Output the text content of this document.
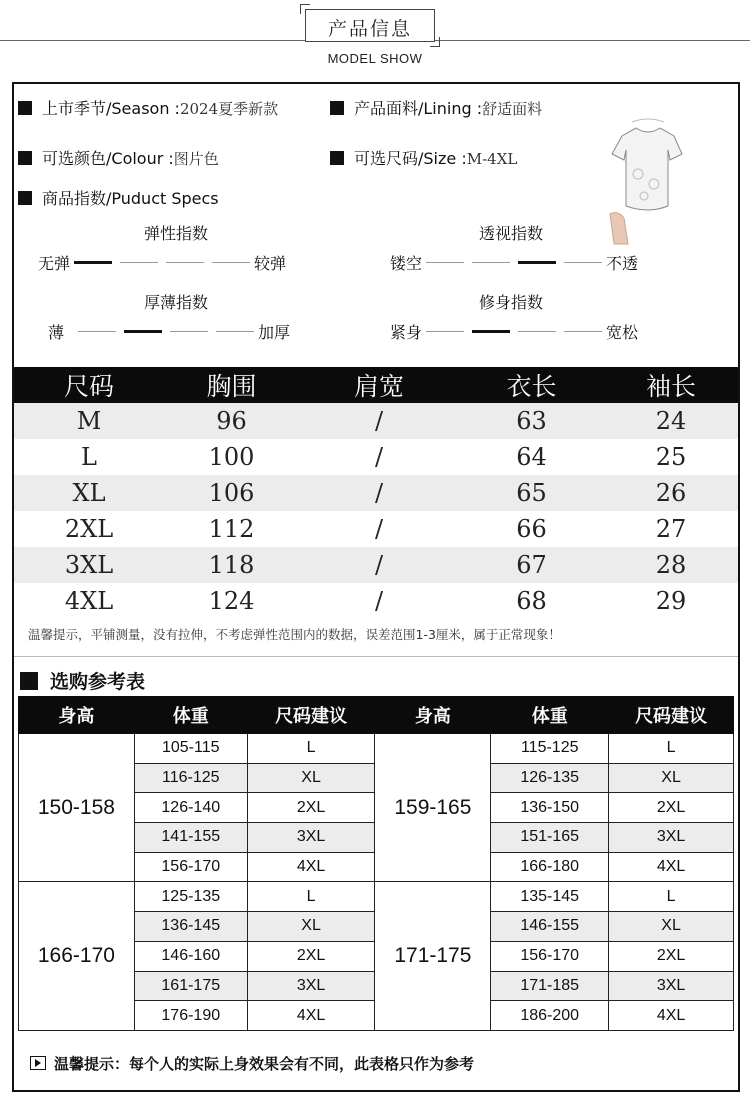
产品信息
MODEL SHOW
上市季节/Season :2024夏季新款	产品面料/Lining :舒适面料
可选颜色/Colour :图片色	可选尺码/Size :M-4XL
商品指数/Puduct Specs
弹性指数
无弹	较弹
透视指数
镂空	不透
厚薄指数
薄	加厚
修身指数
紧身	宽松
尺码	胸围	肩宽	衣长	袖长
M	96	/	63	24
L	100	/	64	25
XL	106	/	65	26
2XL	112	/	66	27
3XL	118	/	67	28
4XL	124	/	68	29
温馨提示，平铺测量，没有拉伸，不考虑弹性范围内的数据，误差范围1-3厘米，属于正常现象！
选购参考表
身高	体重	尺码建议	身高	体重	尺码建议
150-158	105-115	L	159-165	115-125	L
	116-125	XL		126-135	XL
	126-140	2XL		136-150	2XL
	141-155	3XL		151-165	3XL
	156-170	4XL		166-180	4XL
166-170	125-135	L	171-175	135-145	L
	136-145	XL		146-155	XL
	146-160	2XL		156-170	2XL
	161-175	3XL		171-185	3XL
	176-190	4XL		186-200	4XL
温馨提示：每个人的实际上身效果会有不同，此表格只作为参考
